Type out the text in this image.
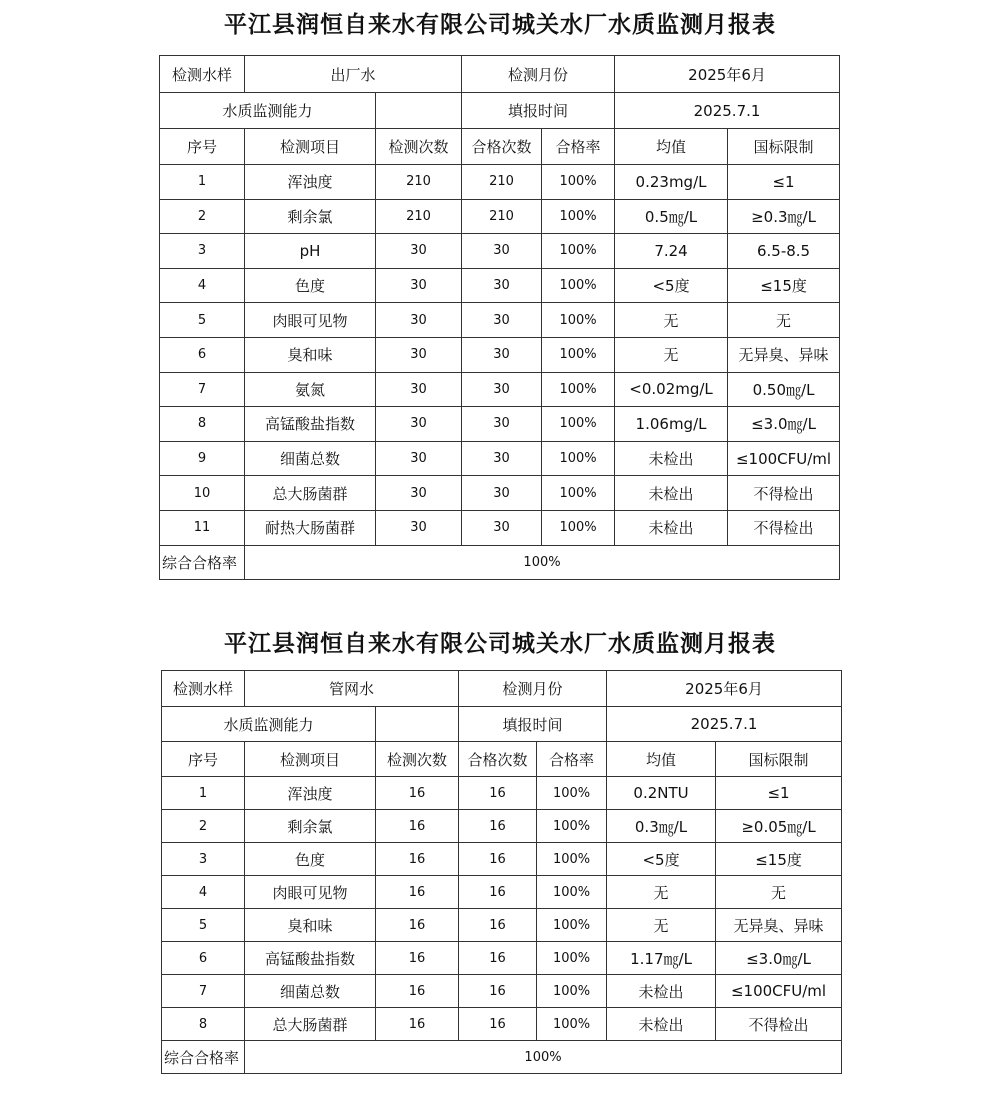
平江县润恒自来水有限公司城关水厂水质监测月报表
检测水样	出厂水		检测月份		2025年6月	
水质监测能力			填报时间		2025.7.1	
序号	检测项目	检测次数	合格次数	合格率	均值	国标限制
1	浑浊度	210	210	100%	0.23mg/L	≤1
2	剩余氯	210	210	100%	0.5㎎/L	≥0.3㎎/L
3	pH	30	30	100%	7.24	6.5-8.5
4	色度	30	30	100%	<5度	≤15度
5	肉眼可见物	30	30	100%	无	无
6	臭和味	30	30	100%	无	无异臭、异味
7	氨氮	30	30	100%	<0.02mg/L	0.50㎎/L
8	高锰酸盐指数	30	30	100%	1.06mg/L	≤3.0㎎/L
9	细菌总数	30	30	100%	未检出	≤100CFU/ml
10	总大肠菌群	30	30	100%	未检出	不得检出
11	耐热大肠菌群	30	30	100%	未检出	不得检出
综合合格率	100%					
平江县润恒自来水有限公司城关水厂水质监测月报表
检测水样	管网水		检测月份		2025年6月	
水质监测能力			填报时间		2025.7.1	
序号	检测项目	检测次数	合格次数	合格率	均值	国标限制
1	浑浊度	16	16	100%	0.2NTU	≤1
2	剩余氯	16	16	100%	0.3㎎/L	≥0.05㎎/L
3	色度	16	16	100%	<5度	≤15度
4	肉眼可见物	16	16	100%	无	无
5	臭和味	16	16	100%	无	无异臭、异味
6	高锰酸盐指数	16	16	100%	1.17㎎/L	≤3.0㎎/L
7	细菌总数	16	16	100%	未检出	≤100CFU/ml
8	总大肠菌群	16	16	100%	未检出	不得检出
综合合格率	100%					
